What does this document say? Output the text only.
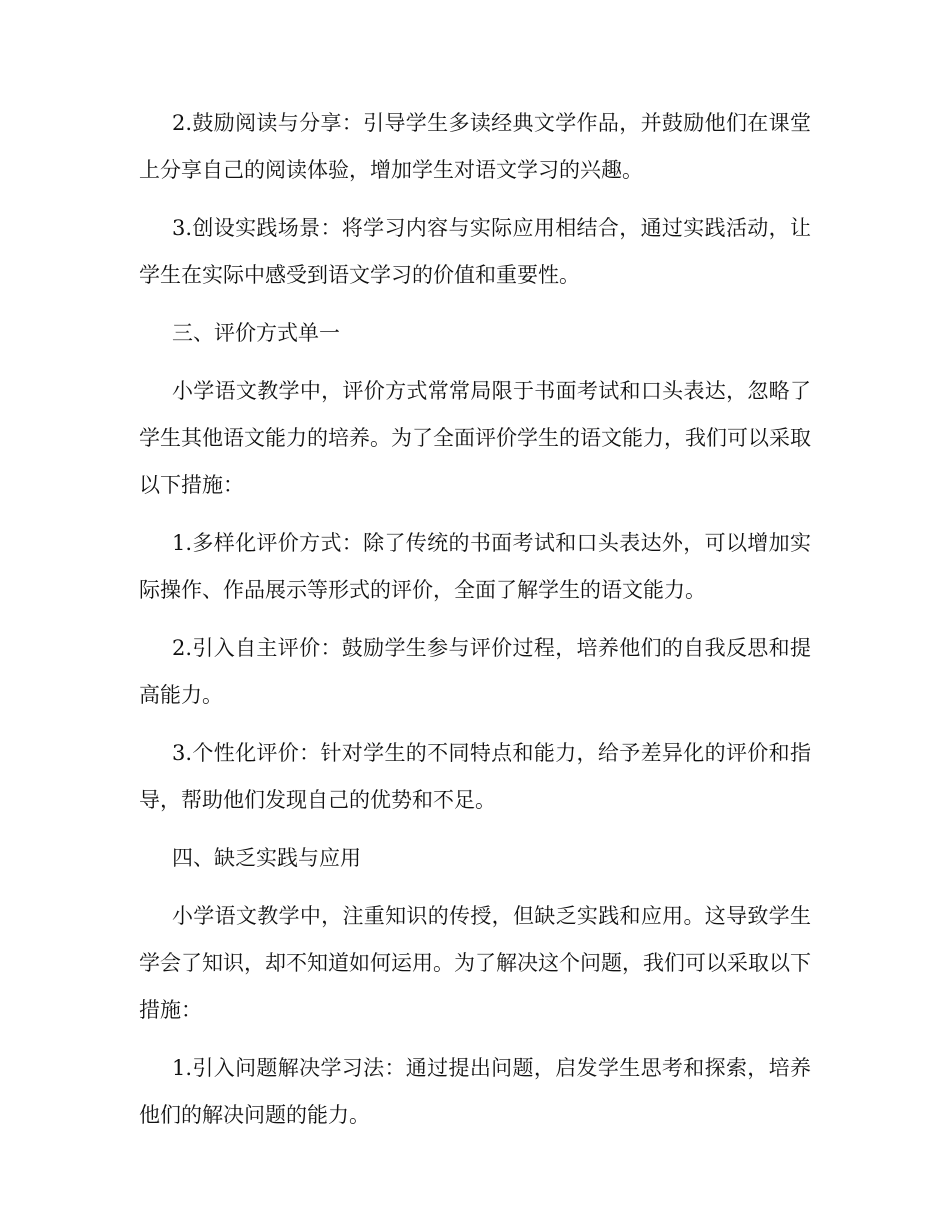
2.鼓励阅读与分享：引导学生多读经典文学作品，并鼓励他们在课堂上分享自己的阅读体验，增加学生对语文学习的兴趣。

3.创设实践场景：将学习内容与实际应用相结合，通过实践活动，让学生在实际中感受到语文学习的价值和重要性。

三、评价方式单一

小学语文教学中，评价方式常常局限于书面考试和口头表达，忽略了学生其他语文能力的培养。为了全面评价学生的语文能力，我们可以采取以下措施：

1.多样化评价方式：除了传统的书面考试和口头表达外，可以增加实际操作、作品展示等形式的评价，全面了解学生的语文能力。

2.引入自主评价：鼓励学生参与评价过程，培养他们的自我反思和提高能力。

3.个性化评价：针对学生的不同特点和能力，给予差异化的评价和指导，帮助他们发现自己的优势和不足。

四、缺乏实践与应用

小学语文教学中，注重知识的传授，但缺乏实践和应用。这导致学生学会了知识，却不知道如何运用。为了解决这个问题，我们可以采取以下措施：

1.引入问题解决学习法：通过提出问题，启发学生思考和探索，培养他们的解决问题的能力。
